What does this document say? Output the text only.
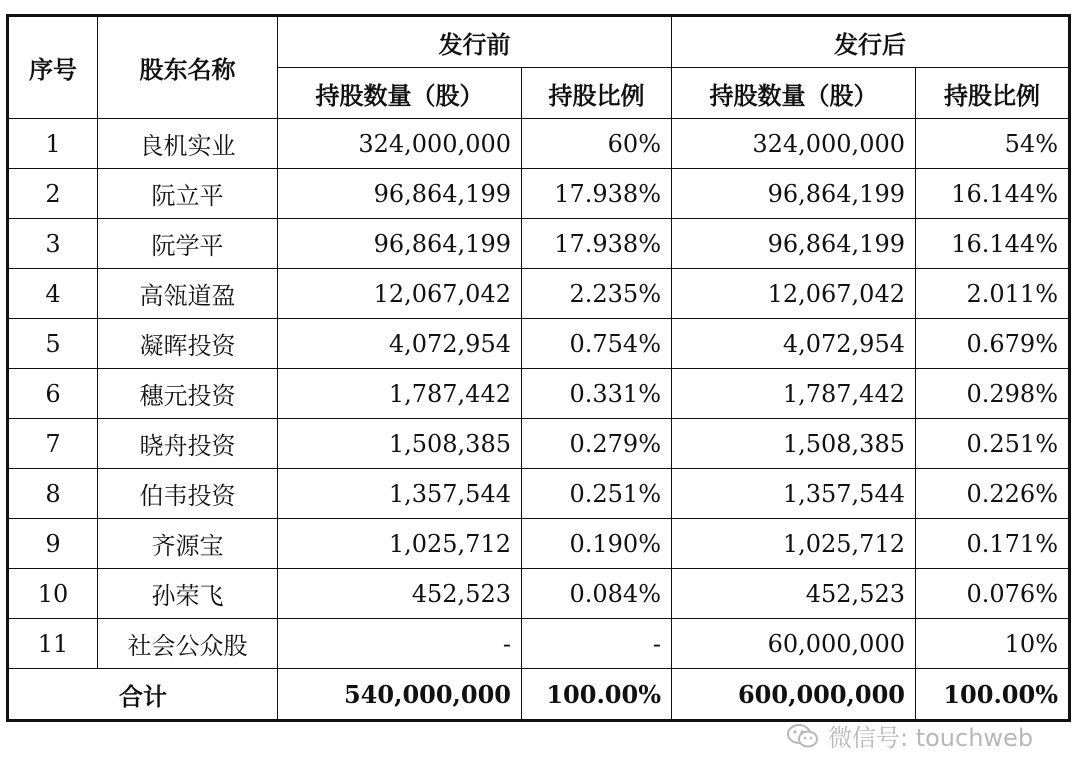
序号	股东名称	发行前		发行后	
		持股数量（股）	持股比例	持股数量（股）	持股比例
1	良机实业	324,000,000	60%	324,000,000	54%
2	阮立平	96,864,199	17.938%	96,864,199	16.144%
3	阮学平	96,864,199	17.938%	96,864,199	16.144%
4	高瓴道盈	12,067,042	2.235%	12,067,042	2.011%
5	凝晖投资	4,072,954	0.754%	4,072,954	0.679%
6	穗元投资	1,787,442	0.331%	1,787,442	0.298%
7	晓舟投资	1,508,385	0.279%	1,508,385	0.251%
8	伯韦投资	1,357,544	0.251%	1,357,544	0.226%
9	齐源宝	1,025,712	0.190%	1,025,712	0.171%
10	孙荣飞	452,523	0.084%	452,523	0.076%
11	社会公众股	-	-	60,000,000	10%
合计		540,000,000	100.00%	600,000,000	100.00%
微信号: touchweb
